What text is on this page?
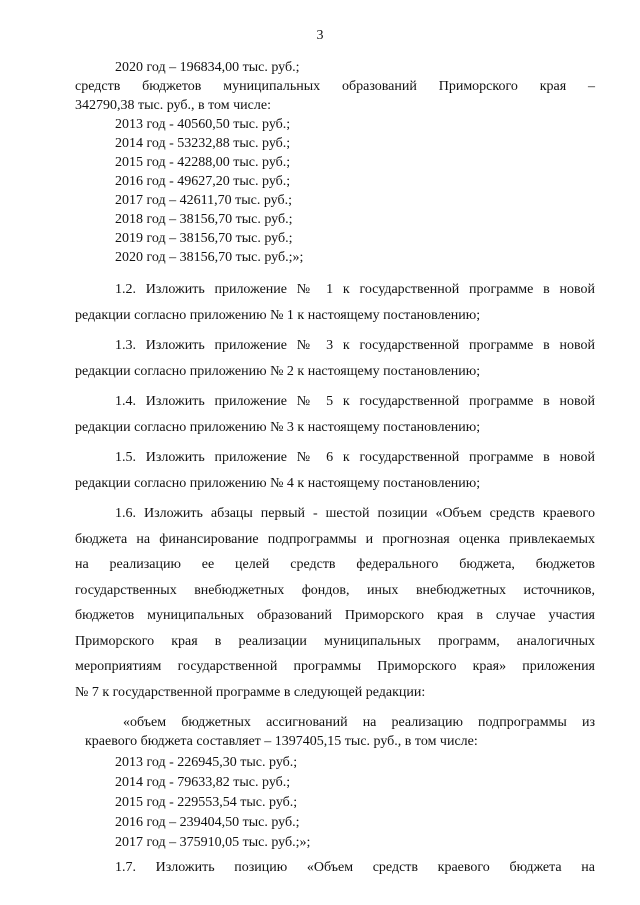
3
2020 год – 196834,00 тыс. руб.;
средств бюджетов муниципальных образований Приморского края –
342790,38 тыс. руб., в том числе:
2013 год - 40560,50 тыс. руб.;
2014 год - 53232,88 тыс. руб.;
2015 год - 42288,00 тыс. руб.;
2016 год - 49627,20 тыс. руб.;
2017 год – 42611,70 тыс. руб.;
2018 год – 38156,70 тыс. руб.;
2019 год – 38156,70 тыс. руб.;
2020 год – 38156,70 тыс. руб.;»;
1.2. Изложить приложение № 1 к государственной программе в новой
редакции согласно приложению № 1 к настоящему постановлению;
1.3. Изложить приложение № 3 к государственной программе в новой
редакции согласно приложению № 2 к настоящему постановлению;
1.4. Изложить приложение № 5 к государственной программе в новой
редакции согласно приложению № 3 к настоящему постановлению;
1.5. Изложить приложение № 6 к государственной программе в новой
редакции согласно приложению № 4 к настоящему постановлению;
1.6. Изложить абзацы первый - шестой позиции «Объем средств краевого
бюджета на финансирование подпрограммы и прогнозная оценка привлекаемых
на реализацию ее целей средств федерального бюджета, бюджетов
государственных внебюджетных фондов, иных внебюджетных источников,
бюджетов муниципальных образований Приморского края в случае участия
Приморского края в реализации муниципальных программ, аналогичных
мероприятиям государственной программы Приморского края» приложения
№ 7 к государственной программе в следующей редакции:
«объем бюджетных ассигнований на реализацию подпрограммы из
краевого бюджета составляет – 1397405,15 тыс. руб., в том числе:
2013 год - 226945,30 тыс. руб.;
2014 год - 79633,82 тыс. руб.;
2015 год - 229553,54 тыс. руб.;
2016 год – 239404,50 тыс. руб.;
2017 год – 375910,05 тыс. руб.;»;
1.7. Изложить позицию «Объем средств краевого бюджета на
